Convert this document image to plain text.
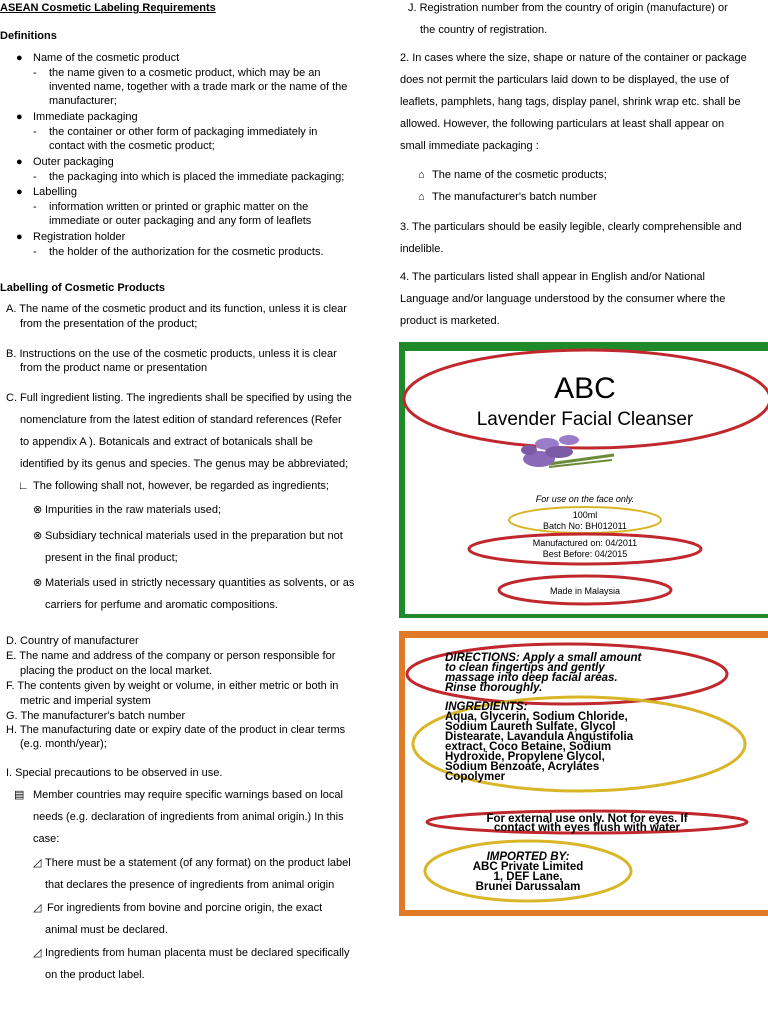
ASEAN Cosmetic Labeling Requirements
Definitions
● Name of the cosmetic product
- the name given to a cosmetic product, which may be an
invented name, together with a trade mark or the name of the
manufacturer;
● Immediate packaging
- the container or other form of packaging immediately in
contact with the cosmetic product;
● Outer packaging
- the packaging into which is placed the immediate packaging;
● Labelling
- information written or printed or graphic matter on the
immediate or outer packaging and any form of leaflets
● Registration holder
- the holder of the authorization for the cosmetic products.
Labelling of Cosmetic Products
A. The name of the cosmetic product and its function, unless it is clear
from the presentation of the product;
B. Instructions on the use of the cosmetic products, unless it is clear
from the product name or presentation
C. Full ingredient listing. The ingredients shall be specified by using the
nomenclature from the latest edition of standard references (Refer
to appendix A ). Botanicals and extract of botanicals shall be
identified by its genus and species. The genus may be abbreviated;
∟ The following shall not, however, be regarded as ingredients;
⊗ Impurities in the raw materials used;
⊗ Subsidiary technical materials used in the preparation but not
present in the final product;
⊗ Materials used in strictly necessary quantities as solvents, or as
carriers for perfume and aromatic compositions.
D. Country of manufacturer
E. The name and address of the company or person responsible for
placing the product on the local market.
F. The contents given by weight or volume, in either metric or both in
metric and imperial system
G. The manufacturer's batch number
H. The manufacturing date or expiry date of the product in clear terms
(e.g. month/year);
I. Special precautions to be observed in use.
▤ Member countries may require specific warnings based on local
needs (e.g. declaration of ingredients from animal origin.) In this
case:
◿ There must be a statement (of any format) on the product label
that declares the presence of ingredients from animal origin
◿ For ingredients from bovine and porcine origin, the exact
animal must be declared.
◿ Ingredients from human placenta must be declared specifically
on the product label.
J. Registration number from the country of origin (manufacture) or
the country of registration.
2. In cases where the size, shape or nature of the container or package
does not permit the particulars laid down to be displayed, the use of
leaflets, pamphlets, hang tags, display panel, shrink wrap etc. shall be
allowed. However, the following particulars at least shall appear on
small immediate packaging :
⌂ The name of the cosmetic products;
⌂ The manufacturer's batch number
3. The particulars should be easily legible, clearly comprehensible and
indelible.
4. The particulars listed shall appear in English and/or National
Language and/or language understood by the consumer where the
product is marketed.
ABC
Lavender Facial Cleanser
For use on the face only.
100ml
Batch No: BH012011
Manufactured on: 04/2011
Best Before: 04/2015
Made in Malaysia
DIRECTIONS: Apply a small amount
to clean fingertips and gently
massage into deep facial areas.
Rinse thoroughly.
INGREDIENTS:
Aqua, Glycerin, Sodium Chloride,
Sodium Laureth Sulfate, Glycol
Distearate, Lavandula Angustifolia
extract, Coco Betaine, Sodium
Hydroxide, Propylene Glycol,
Sodium Benzoate, Acrylates
Copolymer
For external use only. Not for eyes. If
contact with eyes flush with water
IMPORTED BY:
ABC Private Limited
1, DEF Lane,
Brunei Darussalam
